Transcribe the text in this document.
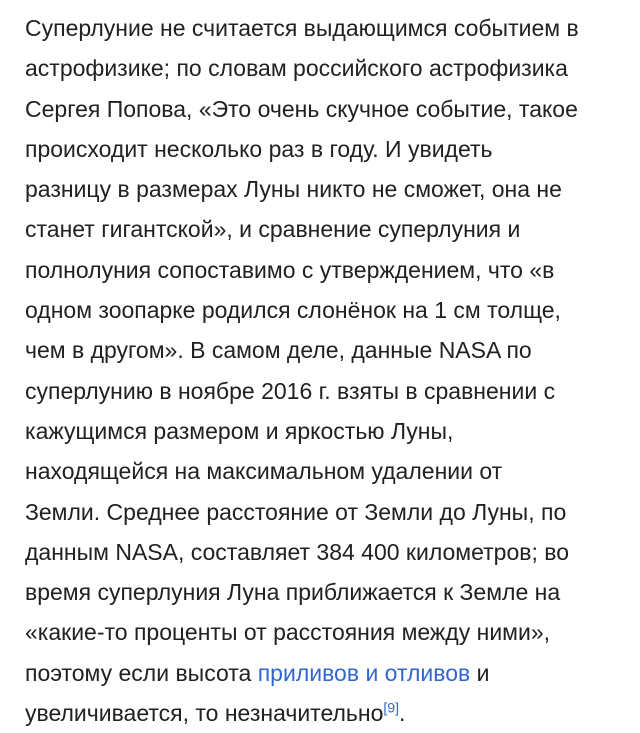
Суперлуние не считается выдающимся событием в
астрофизике; по словам российского астрофизика
Сергея Попова, «Это очень скучное событие, такое
происходит несколько раз в году. И увидеть
разницу в размерах Луны никто не сможет, она не
станет гигантской», и сравнение суперлуния и
полнолуния сопоставимо с утверждением, что «в
одном зоопарке родился слонёнок на 1 см толще,
чем в другом». В самом деле, данные NASA по
суперлунию в ноябре 2016 г. взяты в сравнении с
кажущимся размером и яркостью Луны,
находящейся на максимальном удалении от
Земли. Среднее расстояние от Земли до Луны, по
данным NASA, составляет 384 400 километров; во
время суперлуния Луна приближается к Земле на
«какие-то проценты от расстояния между ними»,
поэтому если высота приливов и отливов и
увеличивается, то незначительно[9].
